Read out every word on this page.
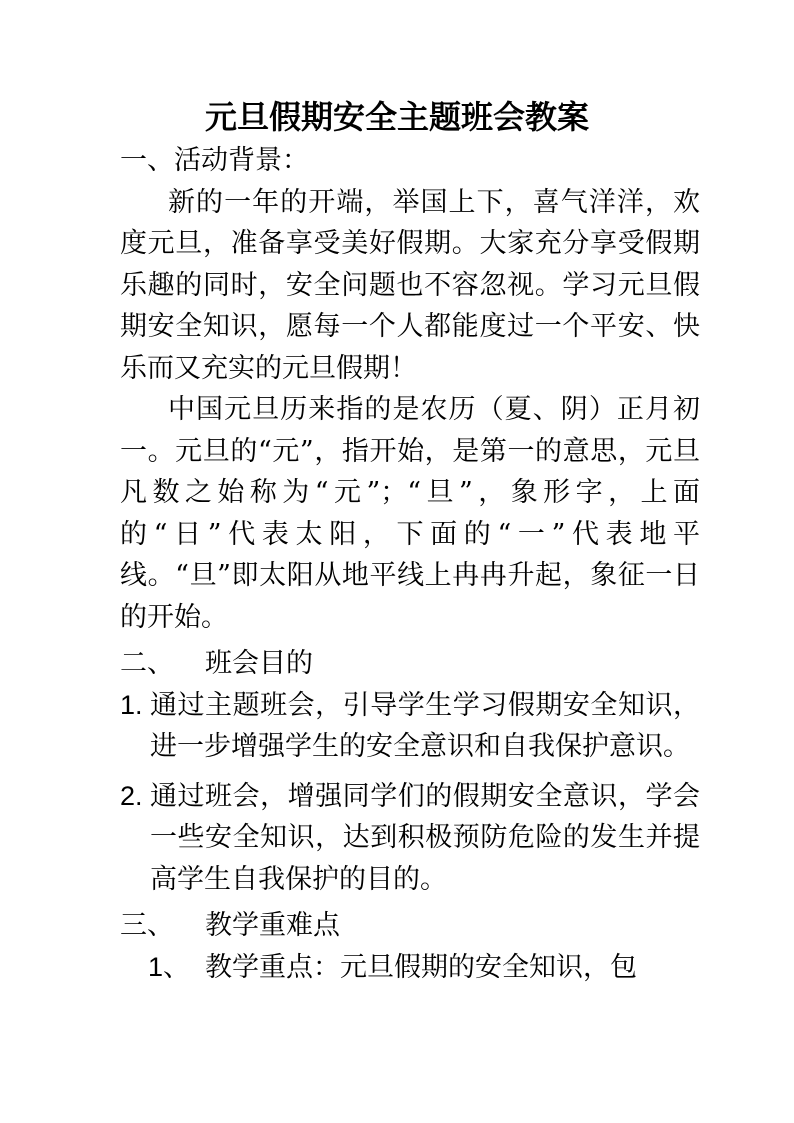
元旦假期安全主题班会教案

一、活动背景：

新的一年的开端，举国上下，喜气洋洋，欢度元旦，准备享受美好假期。大家充分享受假期乐趣的同时，安全问题也不容忽视。学习元旦假期安全知识，愿每一个人都能度过一个平安、快乐而又充实的元旦假期！

中国元旦历来指的是农历（夏、阴）正月初一。元旦的“元”，指开始，是第一的意思，元旦凡数之始称为“元”；“旦”，象形字，上面的“日”代表太阳，下面的“一”代表地平线。“旦”即太阳从地平线上冉冉升起，象征一日的开始。

二、 班会目的

1. 通过主题班会，引导学生学习假期安全知识，进一步增强学生的安全意识和自我保护意识。
2. 通过班会，增强同学们的假期安全意识，学会一些安全知识，达到积极预防危险的发生并提高学生自我保护的目的。

三、 教学重难点

1、 教学重点：元旦假期的安全知识，包
